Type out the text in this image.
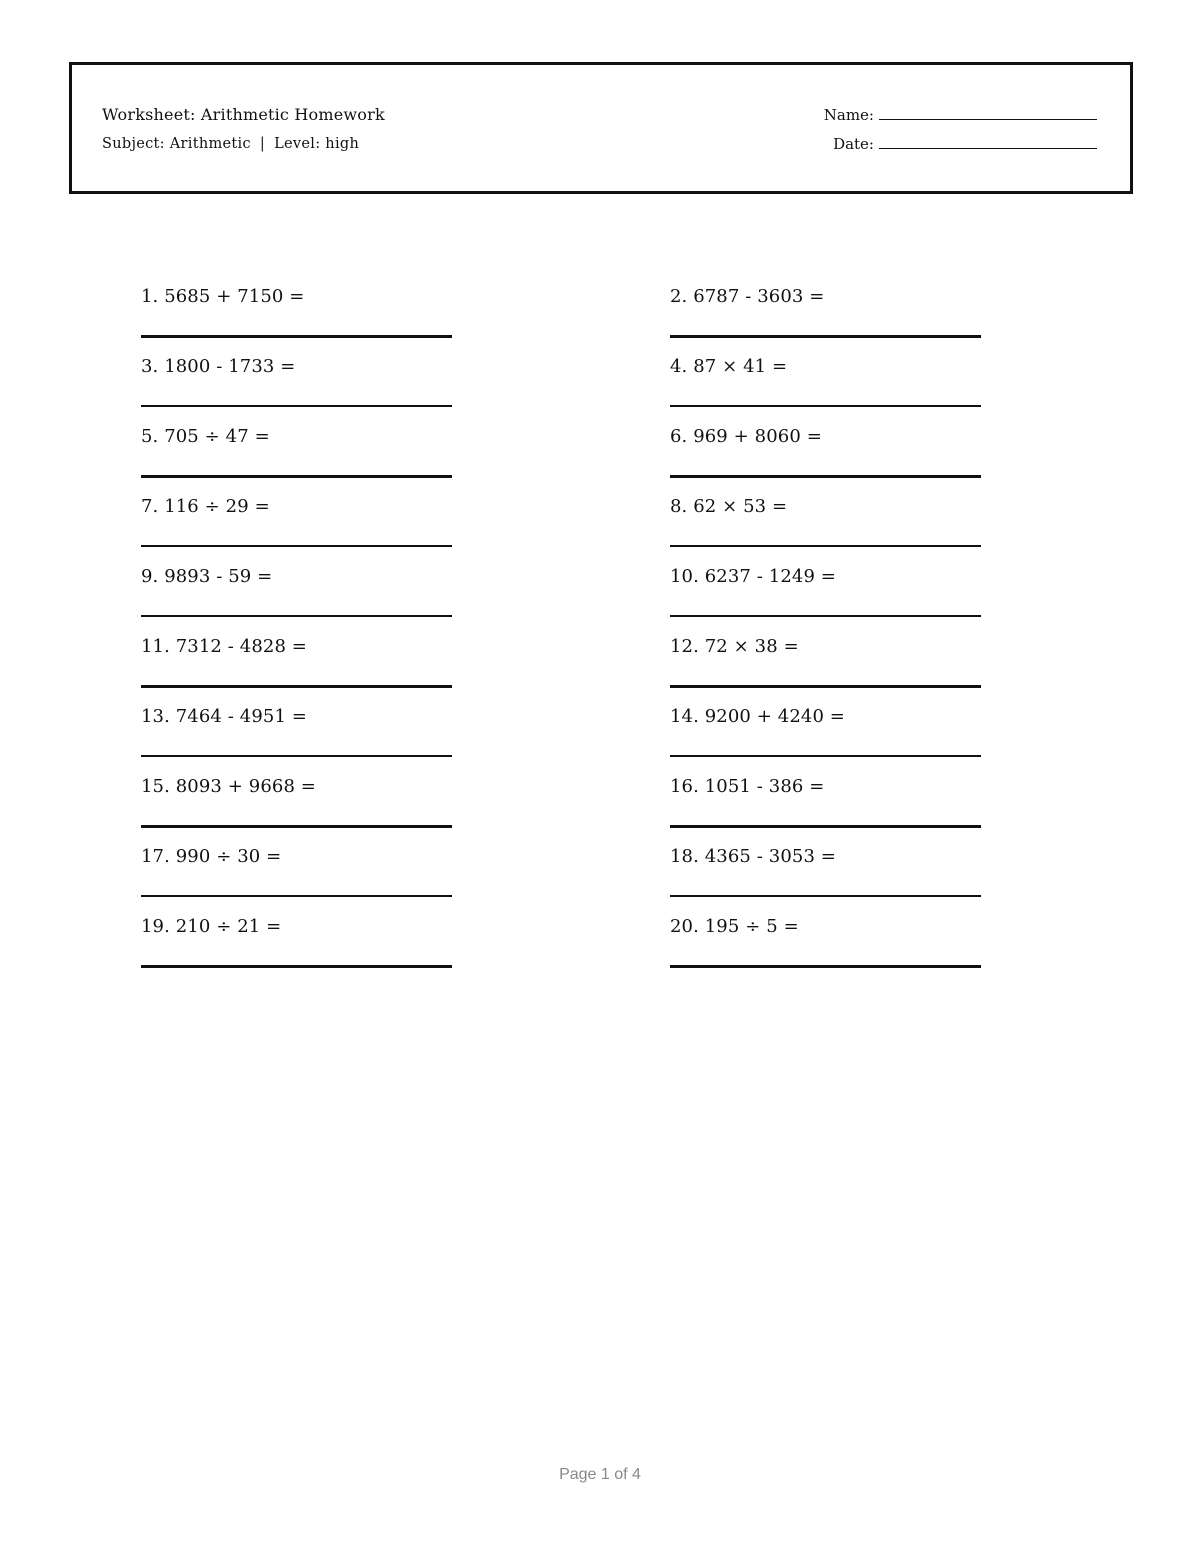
Worksheet: Arithmetic Homework
Subject: Arithmetic | Level: high
Name:
Date:
1. 5685 + 7150 =	2. 6787 - 3603 =
3. 1800 - 1733 =	4. 87 × 41 =
5. 705 ÷ 47 =	6. 969 + 8060 =
7. 116 ÷ 29 =	8. 62 × 53 =
9. 9893 - 59 =	10. 6237 - 1249 =
11. 7312 - 4828 =	12. 72 × 38 =
13. 7464 - 4951 =	14. 9200 + 4240 =
15. 8093 + 9668 =	16. 1051 - 386 =
17. 990 ÷ 30 =	18. 4365 - 3053 =
19. 210 ÷ 21 =	20. 195 ÷ 5 =
Page 1 of 4
